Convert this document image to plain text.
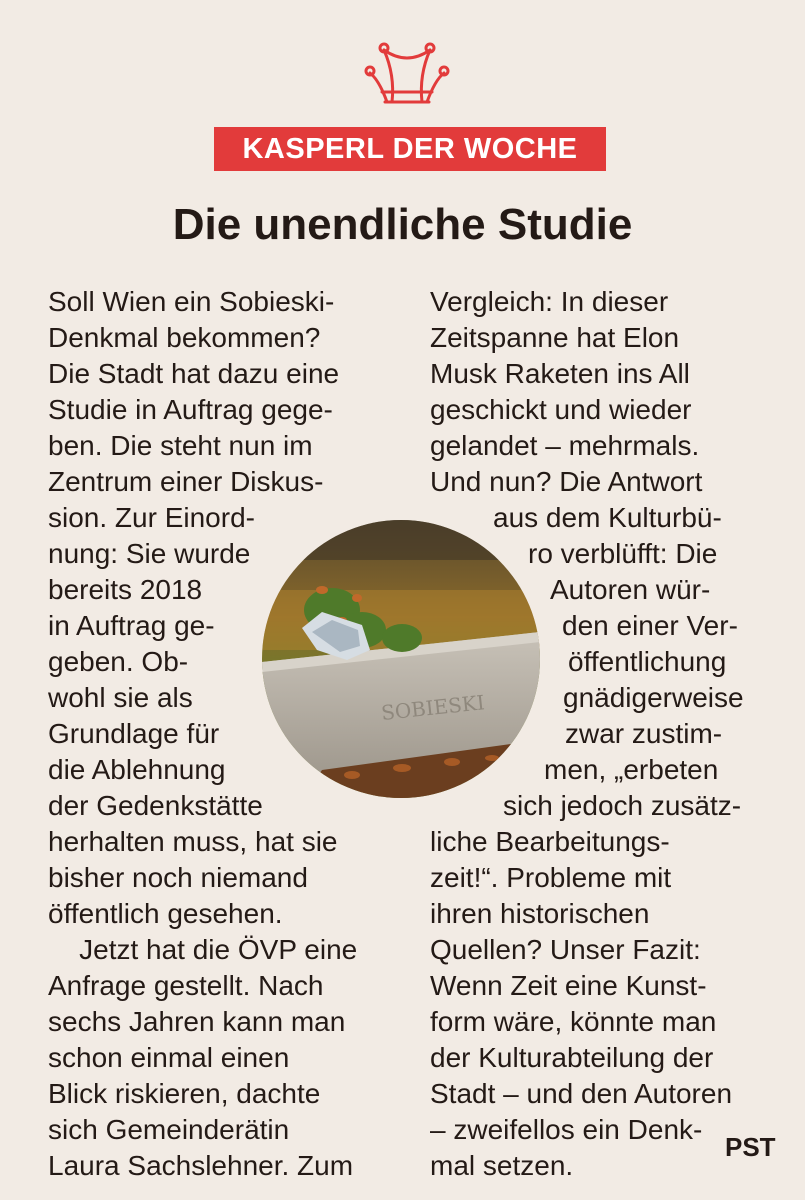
KASPERL DER WOCHE
Die unendliche Studie
Soll Wien ein Sobieski-
Denkmal bekommen?
Die Stadt hat dazu eine
Studie in Auftrag gege-
ben. Die steht nun im
Zentrum einer Diskus-
sion. Zur Einord-
nung: Sie wurde
bereits 2018
in Auftrag ge-
geben. Ob-
wohl sie als
Grundlage für
die Ablehnung
der Gedenkstätte
herhalten muss, hat sie
bisher noch niemand
öffentlich gesehen.
Jetzt hat die ÖVP eine
Anfrage gestellt. Nach
sechs Jahren kann man
schon einmal einen
Blick riskieren, dachte
sich Gemeinderätin
Laura Sachslehner. Zum
Vergleich: In dieser
Zeitspanne hat Elon
Musk Raketen ins All
geschickt und wieder
gelandet – mehrmals.
Und nun? Die Antwort
aus dem Kulturbü-
ro verblüfft: Die
Autoren wür-
den einer Ver-
öffentlichung
gnädigerweise
zwar zustim-
men, „erbeten
sich jedoch zusätz-
liche Bearbeitungs-
zeit!“. Probleme mit
ihren historischen
Quellen? Unser Fazit:
Wenn Zeit eine Kunst-
form wäre, könnte man
der Kulturabteilung der
Stadt – und den Autoren
– zweifellos ein Denk-
mal setzen.
SOBIESKI
PST
